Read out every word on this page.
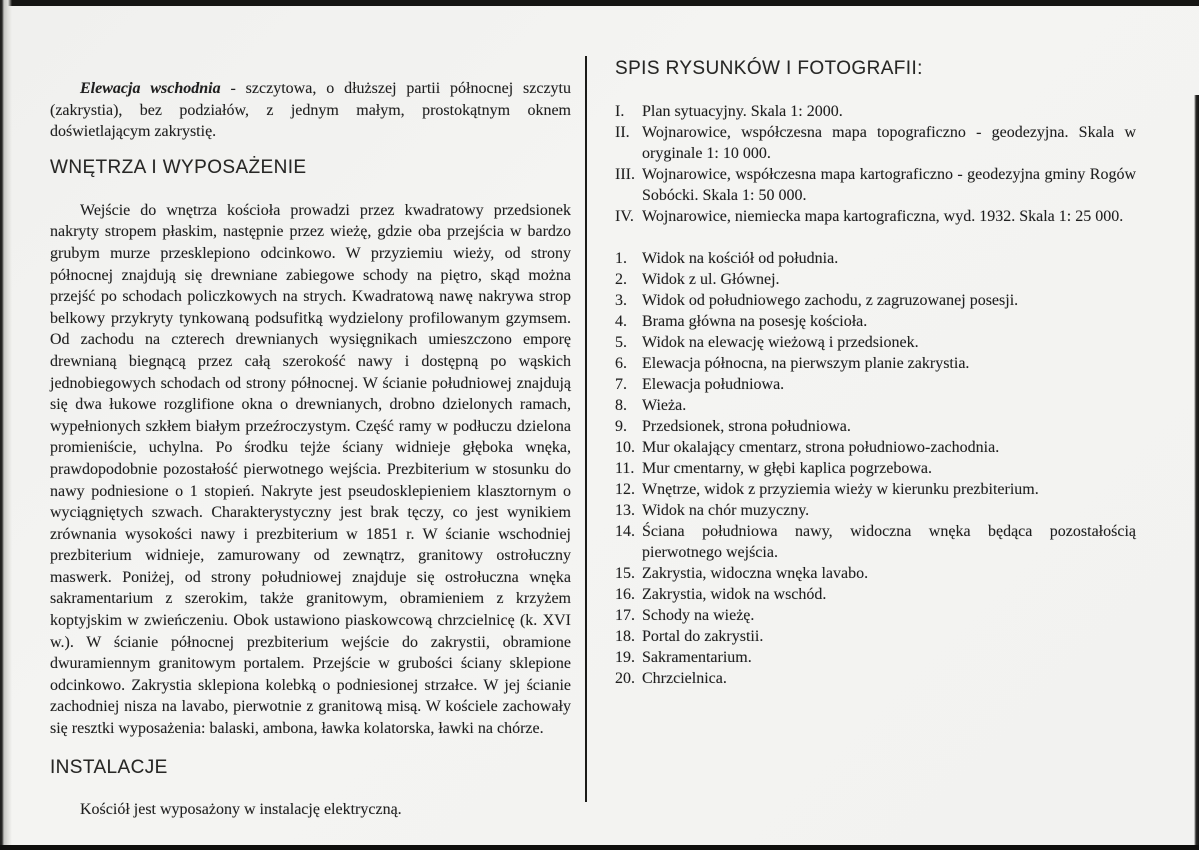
Elewacja wschodnia - szczytowa, o dłuższej partii północnej szczytu (zakrystia), bez podziałów, z jednym małym, prostokątnym oknem doświetlającym zakrystię.

WNĘTRZA I WYPOSAŻENIE

Wejście do wnętrza kościoła prowadzi przez kwadratowy przedsionek nakryty stropem płaskim, następnie przez wieżę, gdzie oba przejścia w bardzo grubym murze przesklepiono odcinkowo. W przyziemiu wieży, od strony północnej znajdują się drewniane zabiegowe schody na piętro, skąd można przejść po schodach policzkowych na strych. Kwadratową nawę nakrywa strop belkowy przykryty tynkowaną podsufitką wydzielony profilowanym gzymsem. Od zachodu na czterech drewnianych wysięgnikach umieszczono emporę drewnianą biegnącą przez całą szerokość nawy i dostępną po wąskich jednobiegowych schodach od strony północnej. W ścianie południowej znajdują się dwa łukowe rozglifione okna o drewnianych, drobno dzielonych ramach, wypełnionych szkłem białym przeźroczystym. Część ramy w podłuczu dzielona promieniście, uchylna. Po środku tejże ściany widnieje głęboka wnęka, prawdopodobnie pozostałość pierwotnego wejścia. Prezbiterium w stosunku do nawy podniesione o 1 stopień. Nakryte jest pseudosklepieniem klasztornym o wyciągniętych szwach. Charakterystyczny jest brak tęczy, co jest wynikiem zrównania wysokości nawy i prezbiterium w 1851 r. W ścianie wschodniej prezbiterium widnieje, zamurowany od zewnątrz, granitowy ostrołuczny maswerk. Poniżej, od strony południowej znajduje się ostrołuczna wnęka sakramentarium z szerokim, także granitowym, obramieniem z krzyżem koptyjskim w zwieńczeniu. Obok ustawiono piaskowcową chrzcielnicę (k. XVI w.). W ścianie północnej prezbiterium wejście do zakrystii, obramione dwuramiennym granitowym portalem. Przejście w grubości ściany sklepione odcinkowo. Zakrystia sklepiona kolebką o podniesionej strzałce. W jej ścianie zachodniej nisza na lavabo, pierwotnie z granitową misą. W kościele zachowały się resztki wyposażenia: balaski, ambona, ławka kolatorska, ławki na chórze.

INSTALACJE

Kościół jest wyposażony w instalację elektryczną.

SPIS RYSUNKÓW I FOTOGRAFII:
I. Plan sytuacyjny. Skala 1: 2000.
II. Wojnarowice, współczesna mapa topograficzno - geodezyjna. Skala w oryginale 1: 10 000.
III. Wojnarowice, współczesna mapa kartograficzno - geodezyjna gminy Rogów Sobócki. Skala 1: 50 000.
IV. Wojnarowice, niemiecka mapa kartograficzna, wyd. 1932. Skala 1: 25 000.
1. Widok na kościół od południa.
2. Widok z ul. Głównej.
3. Widok od południowego zachodu, z zagruzowanej posesji.
4. Brama główna na posesję kościoła.
5. Widok na elewację wieżową i przedsionek.
6. Elewacja północna, na pierwszym planie zakrystia.
7. Elewacja południowa.
8. Wieża.
9. Przedsionek, strona południowa.
10. Mur okalający cmentarz, strona południowo-zachodnia.
11. Mur cmentarny, w głębi kaplica pogrzebowa.
12. Wnętrze, widok z przyziemia wieży w kierunku prezbiterium.
13. Widok na chór muzyczny.
14. Ściana południowa nawy, widoczna wnęka będąca pozostałością pierwotnego wejścia.
15. Zakrystia, widoczna wnęka lavabo.
16. Zakrystia, widok na wschód.
17. Schody na wieżę.
18. Portal do zakrystii.
19. Sakramentarium.
20. Chrzcielnica.
